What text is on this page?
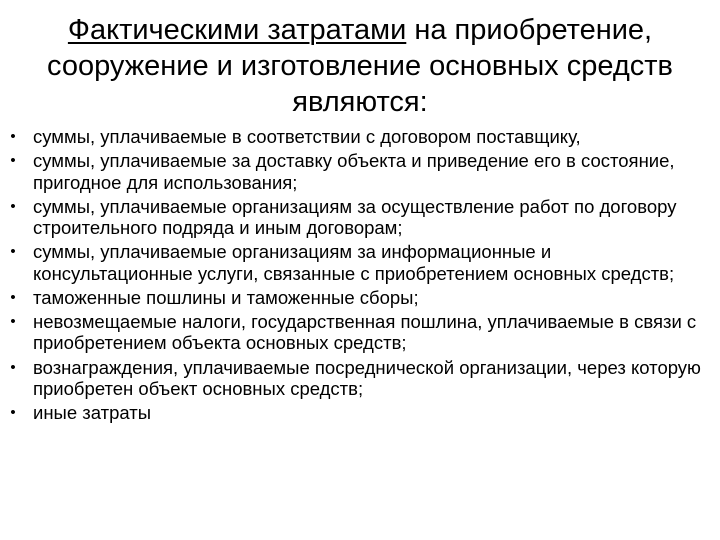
Фактическими затратами на приобретение, сооружение и изготовление основных средств являются:
• суммы, уплачиваемые в соответствии с договором поставщику,
• суммы, уплачиваемые за доставку объекта и приведение его в состояние, пригодное для использования;
• суммы, уплачиваемые организациям за осуществление работ по договору строительного подряда и иным договорам;
• суммы, уплачиваемые организациям за информационные и консультационные услуги, связанные с приобретением основных средств;
• таможенные пошлины и таможенные сборы;
• невозмещаемые налоги, государственная пошлина, уплачиваемые в связи с приобретением объекта основных средств;
• вознаграждения, уплачиваемые посреднической организации, через которую приобретен объект основных средств;
• иные затраты
